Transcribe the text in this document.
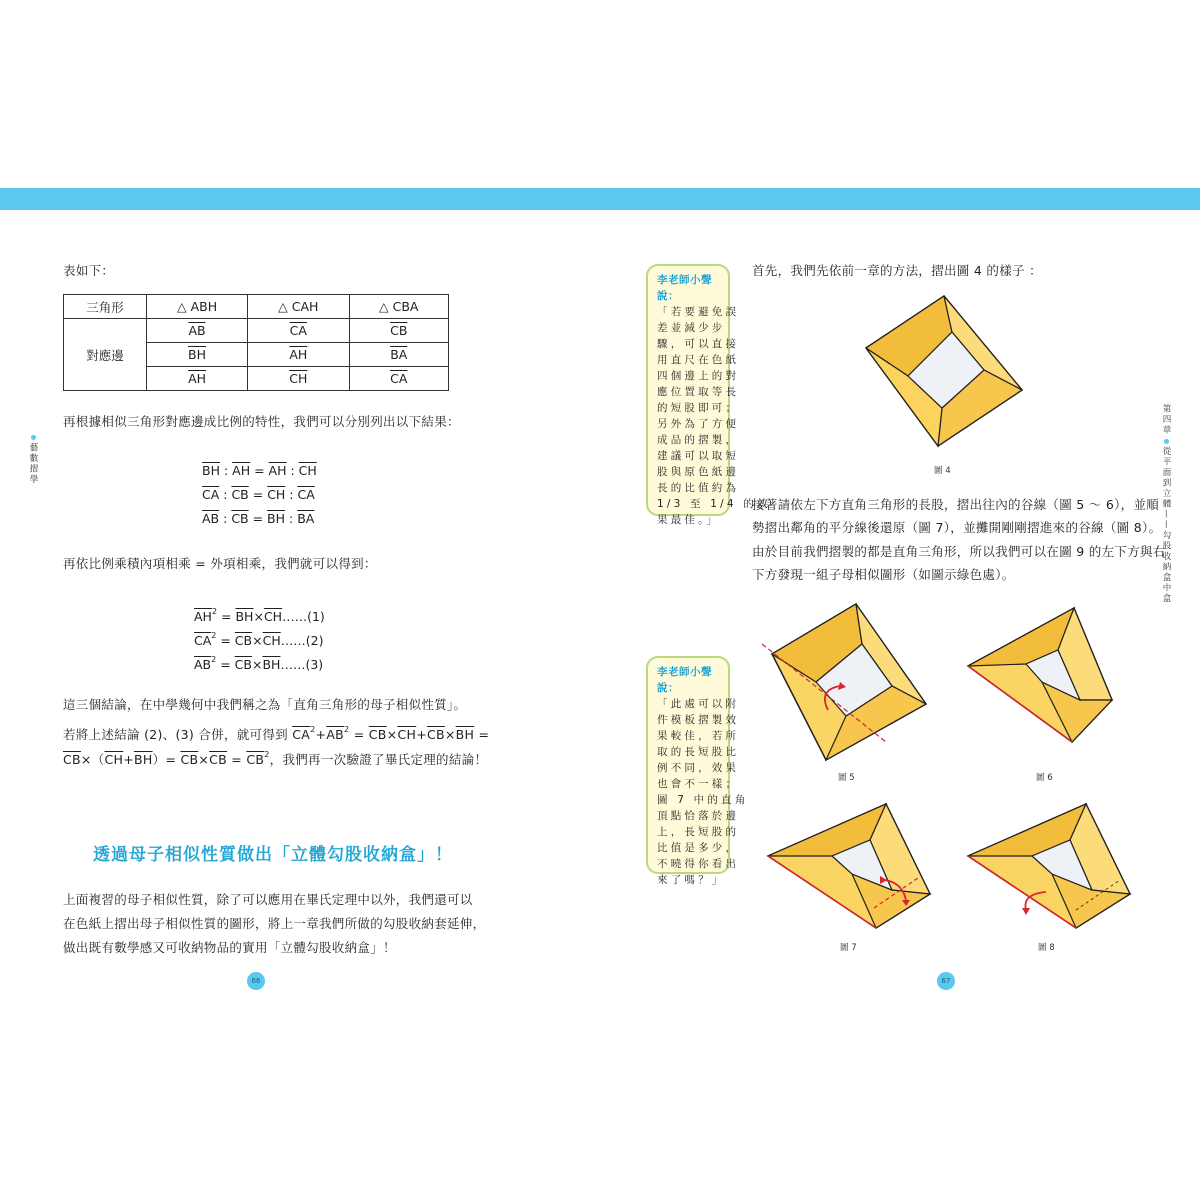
表如下：
三角形	△ ABH	△ CAH	△ CBA
對應邊	$\overline{AB}$	$\overline{CA}$	$\overline{CB}$
	$\overline{BH}$	$\overline{AH}$	$\overline{BA}$
	$\overline{AH}$	$\overline{CH}$	$\overline{CA}$
再根據相似三角形對應邊成比例的特性，我們可以分別列出以下結果：
$\overline{BH}$ : $\overline{AH} = \overline{AH}$ : $\overline{CH}$
$\overline{CA}$ : $\overline{CB} = \overline{CH}$ : $\overline{CA}$
$\overline{AB}$ : $\overline{CB} = \overline{BH}$ : $\overline{BA}$
再依比例乘積內項相乘 = 外項相乘，我們就可以得到：
$\overline{AH}^2$ = $\overline{BH}\times\overline{CH}\dots\dots(1)$
$\overline{CA}^2$ = $\overline{CB}\times\overline{CH}\dots\dots(2)$
$\overline{AB}^2$ = $\overline{CB}\times\overline{BH}\dots\dots(3)$
這三個結論，在中學幾何中我們稱之為「直角三角形的母子相似性質」。
若將上述結論 (2)、(3) 合併，就可得到 $\overline{CA}^2+\overline{AB}^2 = \overline{CB}\times\overline{CH}+\overline{CB}\times\overline{BH}$ =
$\overline{CB}\times(\overline{CH}+\overline{BH})= \overline{CB}\times\overline{CB} = \overline{CB}^2$，我們再一次驗證了畢氏定理的結論！
透過母子相似性質做出「立體勾股收納盒」！
上面複習的母子相似性質，除了可以應用在畢氏定理中以外，我們還可以
在色紙上摺出母子相似性質的圖形，將上一章我們所做的勾股收納套延伸，
做出既有數學感又可收納物品的實用「立體勾股收納盒」！
66
藝數摺學
首先，我們先依前一章的方法，摺出圖 4 的樣子 ：
李老師小聲說：
「若要避免誤
差並減少步
驟，可以直接
用直尺在色紙
四個邊上的對
應位置取等長
的短股即可；
另外為了方便
成品的摺製，
建議可以取短
股與原色紙邊
長的比值約為
1/3 至 1/4 的效
果最佳。」
李老師小聲說：
「此處可以附
件模板摺製效
果較佳，若所
取的長短股比
例不同，效果
也會不一樣；
圖 7 中的直角
頂點恰落於邊
上，長短股的
比值是多少，
不曉得你看出
來了嗎？」
圖 4
接著請依左下方直角三角形的長股，摺出往內的谷線（圖 5 ～ 6），並順
勢摺出鄰角的平分線後還原（圖 7），並攤開剛剛摺進來的谷線（圖 8）。
由於目前我們摺製的都是直角三角形，所以我們可以在圖 9 的左下方與右
下方發現一組子母相似圖形（如圖示綠色處）。
圖 5	圖 6
圖 7	圖 8
67
第四章從平面到立體——勾股收納盒中盒
